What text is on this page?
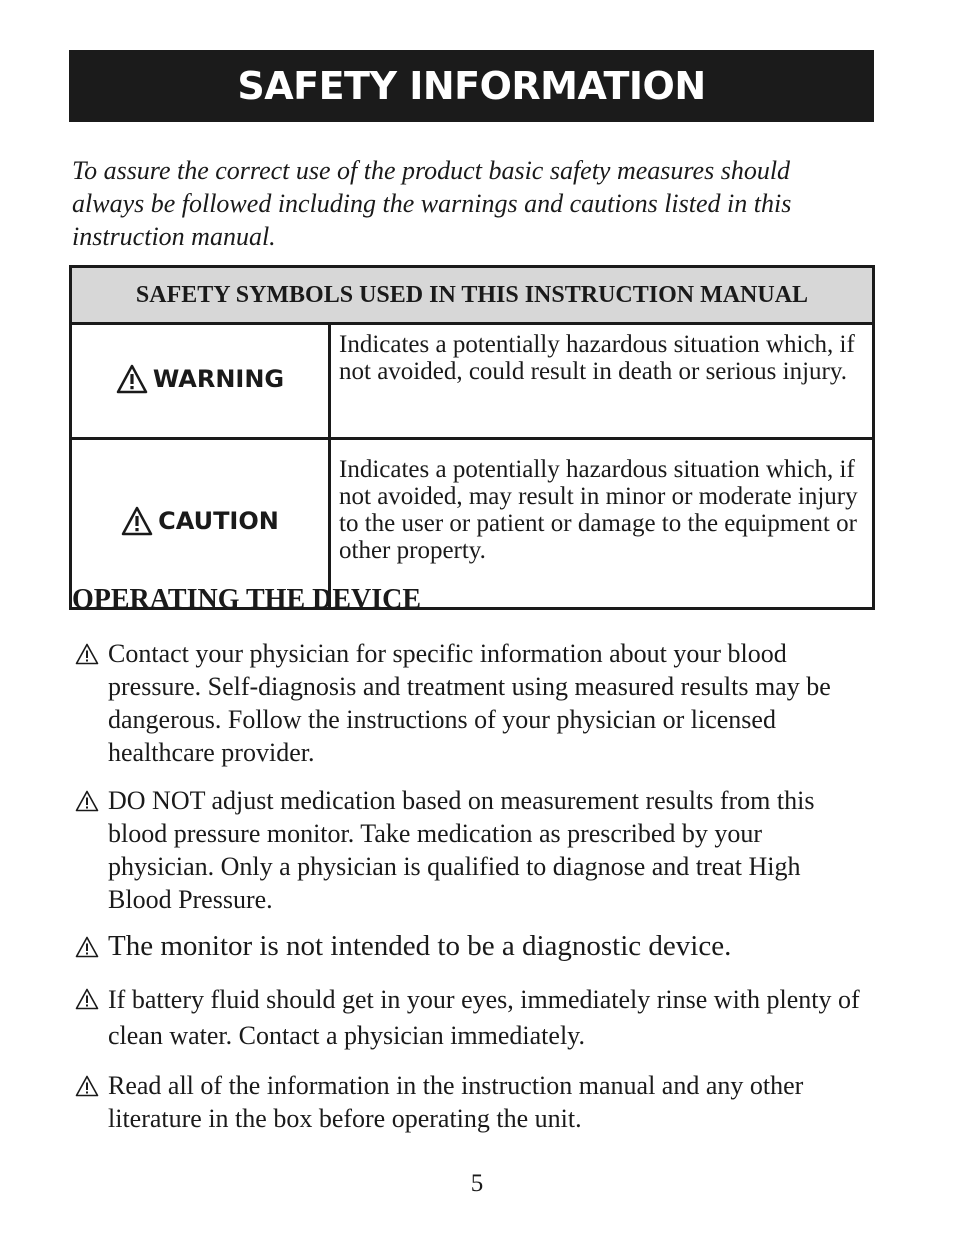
SAFETY INFORMATION

To assure the correct use of the product basic safety measures should always be followed including the warnings and cautions listed in this instruction manual.

SAFETY SYMBOLS USED IN THIS INSTRUCTION MANUAL	

WARNING	Indicates a potentially hazardous situation which, if not avoided, could result in death or serious injury.

CAUTION	Indicates a potentially hazardous situation which, if not avoided, may result in minor or moderate injury to the user or patient or damage to the equipment or other property.
OPERATING THE DEVICE
Contact your physician for specific information about your blood pressure. Self-diagnosis and treatment using measured results may be dangerous. Follow the instructions of your physician or licensed healthcare provider.
DO NOT adjust medication based on measurement results from this blood pressure monitor. Take medication as prescribed by your physician. Only a physician is qualified to diagnose and treat High Blood Pressure.
The monitor is not intended to be a diagnostic device.
If battery fluid should get in your eyes, immediately rinse with plenty of clean water. Contact a physician immediately.
Read all of the information in the instruction manual and any other literature in the box before operating the unit.
5
